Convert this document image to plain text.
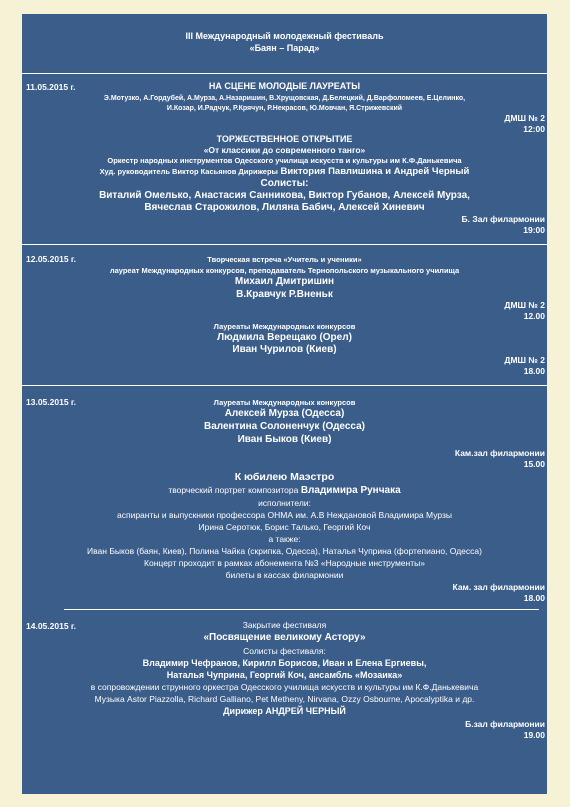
III Международный молодежный фестиваль
«Баян – Парад»
11.05.2015 г.	НА СЦЕНЕ МОЛОДЫЕ ЛАУРЕАТЫ
Э.Мотузко, А.Гордубей, А.Мурза, А.Назаришин, В.Хрущовская, Д.Белецкий, Д.Варфоломеев, Е.Целинко,
И.Козар, И.Радчук, Р.Крячун, Р.Некрасов, Ю.Мовчан, Я.Стрижевский
ДМШ № 2
12:00
ТОРЖЕСТВЕННОЕ ОТКРЫТИЕ
«От классики до современного танго»
Оркестр народных инструментов Одесского училища искусств и культуры им К.Ф.Данькевича
Худ. руководитель Виктор Касьянов Дирижеры Виктория Павлишина и Андрей Черный
Солисты:
Виталий Омелько, Анастасия Санникова, Виктор Губанов, Алексей Мурза,
Вячеслав Старожилов, Лиляна Бабич, Алексей Хиневич
Б. Зал филармонии
19:00
12.05.2015 г.	Творческая встреча «Учитель и ученики»
лауреат Международных конкурсов, преподаватель Тернопольского музыкального училища
Михаил Дмитришин
В.Кравчук Р.Вненьк
ДМШ № 2
12.00
Лауреаты Международных конкурсов
Людмила Верещако (Орел)
Иван Чурилов (Киев)
ДМШ № 2
18.00
13.05.2015 г.	Лауреаты Международных конкурсов
Алексей Мурза (Одесса)
Валентина Солоненчук (Одесса)
Иван Быков (Киев)
Кам.зал филармонии
15.00
К юбилею Маэстро
творческий портрет композитора Владимира Рунчака
исполнители:
аспиранты и выпускники профессора ОНМА им. А.В Неждановой Владимира Мурзы
Ирина Серотюк, Борис Талько, Георгий Коч
а также:
Иван Быков (баян, Киев), Полина Чайка (скрипка, Одесса), Наталья Чуприна (фортепиано, Одесса)
Концерт проходит в рамках абонемента №3 «Народные инструменты»
билеты в кассах филармонии
Кам. зал филармонии
18.00
14.05.2015 г.	Закрытие фестиваля
«Посвящение великому Астору»
Солисты фестиваля:
Владимир Чефранов, Кирилл Борисов, Иван и Елена Ергиевы,
Наталья Чуприна, Георгий Коч, ансамбль «Мозаика»
в сопровождении струнного оркестра Одесского училища искусств и культуры им К.Ф.Данькевича
Музыка Astor Piazzolla, Richard Galliano, Pet Metheny, Nirvana, Ozzy Osbourne, Apocalyptika и др.
Дирижер АНДРЕЙ ЧЕРНЫЙ
Б.зал филармонии
19.00
